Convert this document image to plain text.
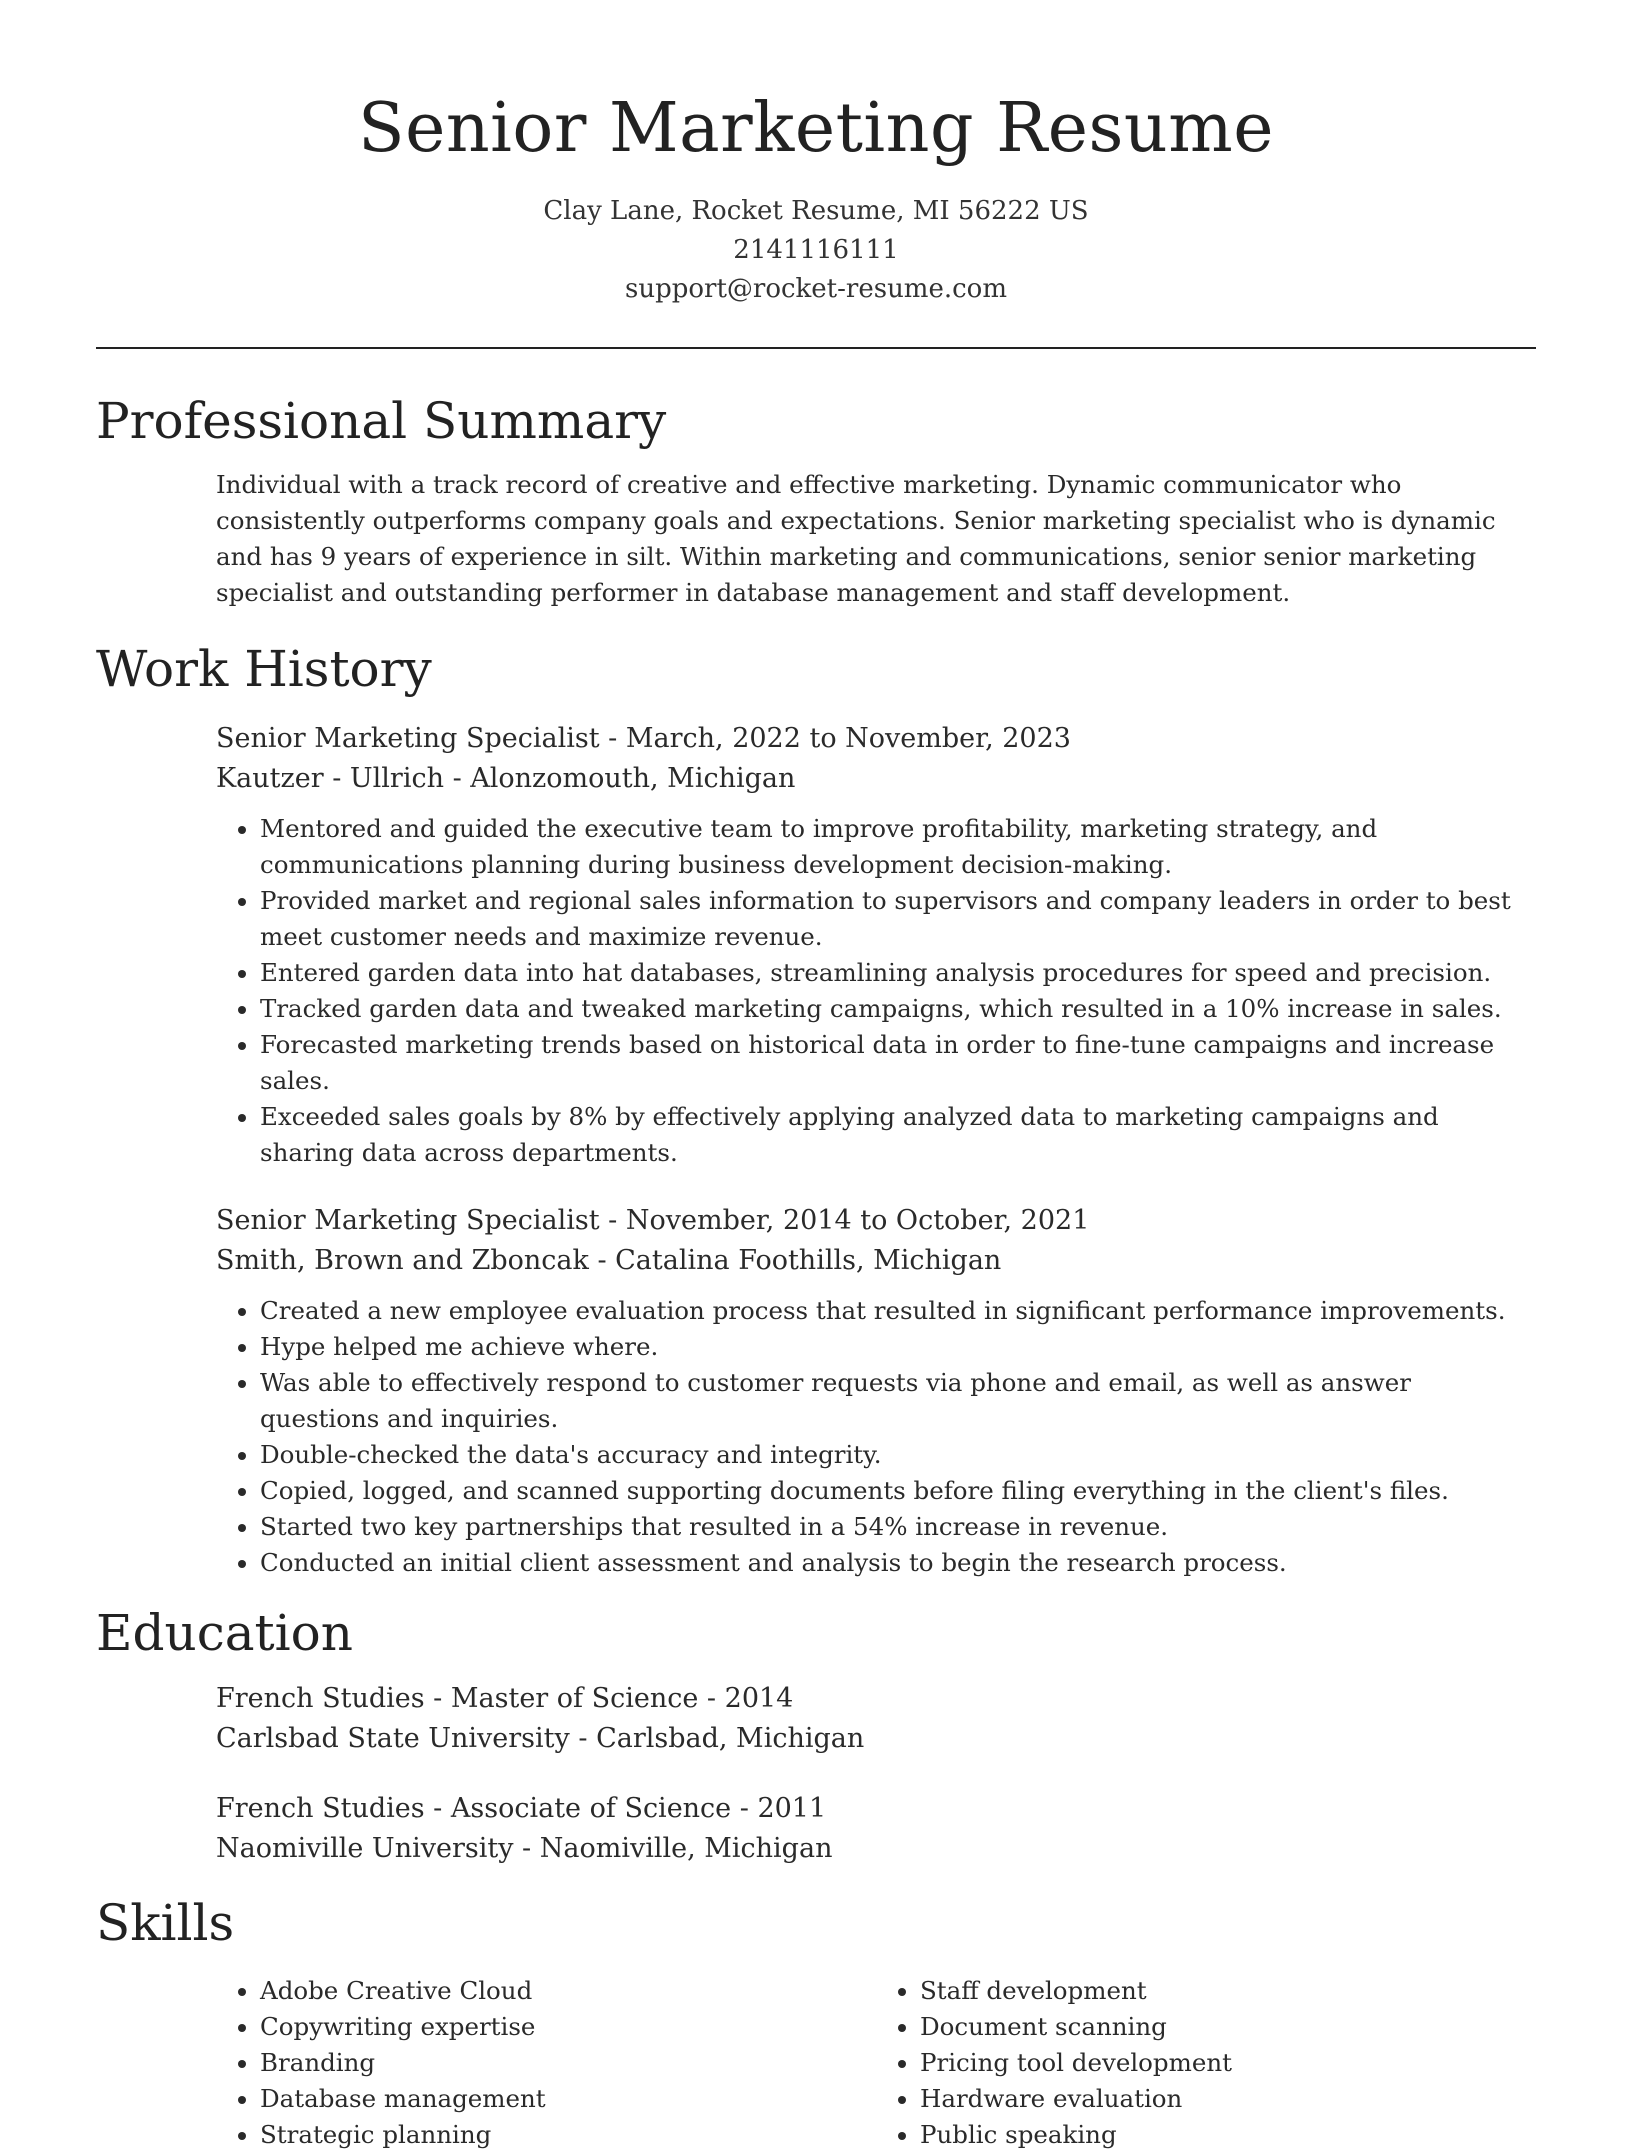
Senior Marketing Resume
Clay Lane, Rocket Resume, MI 56222 US
2141116111
support@rocket-resume.com
Professional Summary

Individual with a track record of creative and effective marketing. Dynamic communicator who consistently outperforms company goals and expectations. Senior marketing specialist who is dynamic and has 9 years of experience in silt. Within marketing and communications, senior senior marketing specialist and outstanding performer in database management and staff development.

Work History
Senior Marketing Specialist - March, 2022 to November, 2023
Kautzer - Ullrich - Alonzomouth, Michigan
• Mentored and guided the executive team to improve profitability, marketing strategy, and communications planning during business development decision-making.
• Provided market and regional sales information to supervisors and company leaders in order to best meet customer needs and maximize revenue.
• Entered garden data into hat databases, streamlining analysis procedures for speed and precision.
• Tracked garden data and tweaked marketing campaigns, which resulted in a 10% increase in sales.
• Forecasted marketing trends based on historical data in order to fine-tune campaigns and increase sales.
• Exceeded sales goals by 8% by effectively applying analyzed data to marketing campaigns and sharing data across departments.
Senior Marketing Specialist - November, 2014 to October, 2021
Smith, Brown and Zboncak - Catalina Foothills, Michigan
• Created a new employee evaluation process that resulted in significant performance improvements.
• Hype helped me achieve where.
• Was able to effectively respond to customer requests via phone and email, as well as answer questions and inquiries.
• Double-checked the data's accuracy and integrity.
• Copied, logged, and scanned supporting documents before filing everything in the client's files.
• Started two key partnerships that resulted in a 54% increase in revenue.
• Conducted an initial client assessment and analysis to begin the research process.
Education
French Studies - Master of Science - 2014
Carlsbad State University - Carlsbad, Michigan
French Studies - Associate of Science - 2011
Naomiville University - Naomiville, Michigan
Skills
• Adobe Creative Cloud
• Copywriting expertise
• Branding
• Database management
• Strategic planning
• Staff development
• Document scanning
• Pricing tool development
• Hardware evaluation
• Public speaking
